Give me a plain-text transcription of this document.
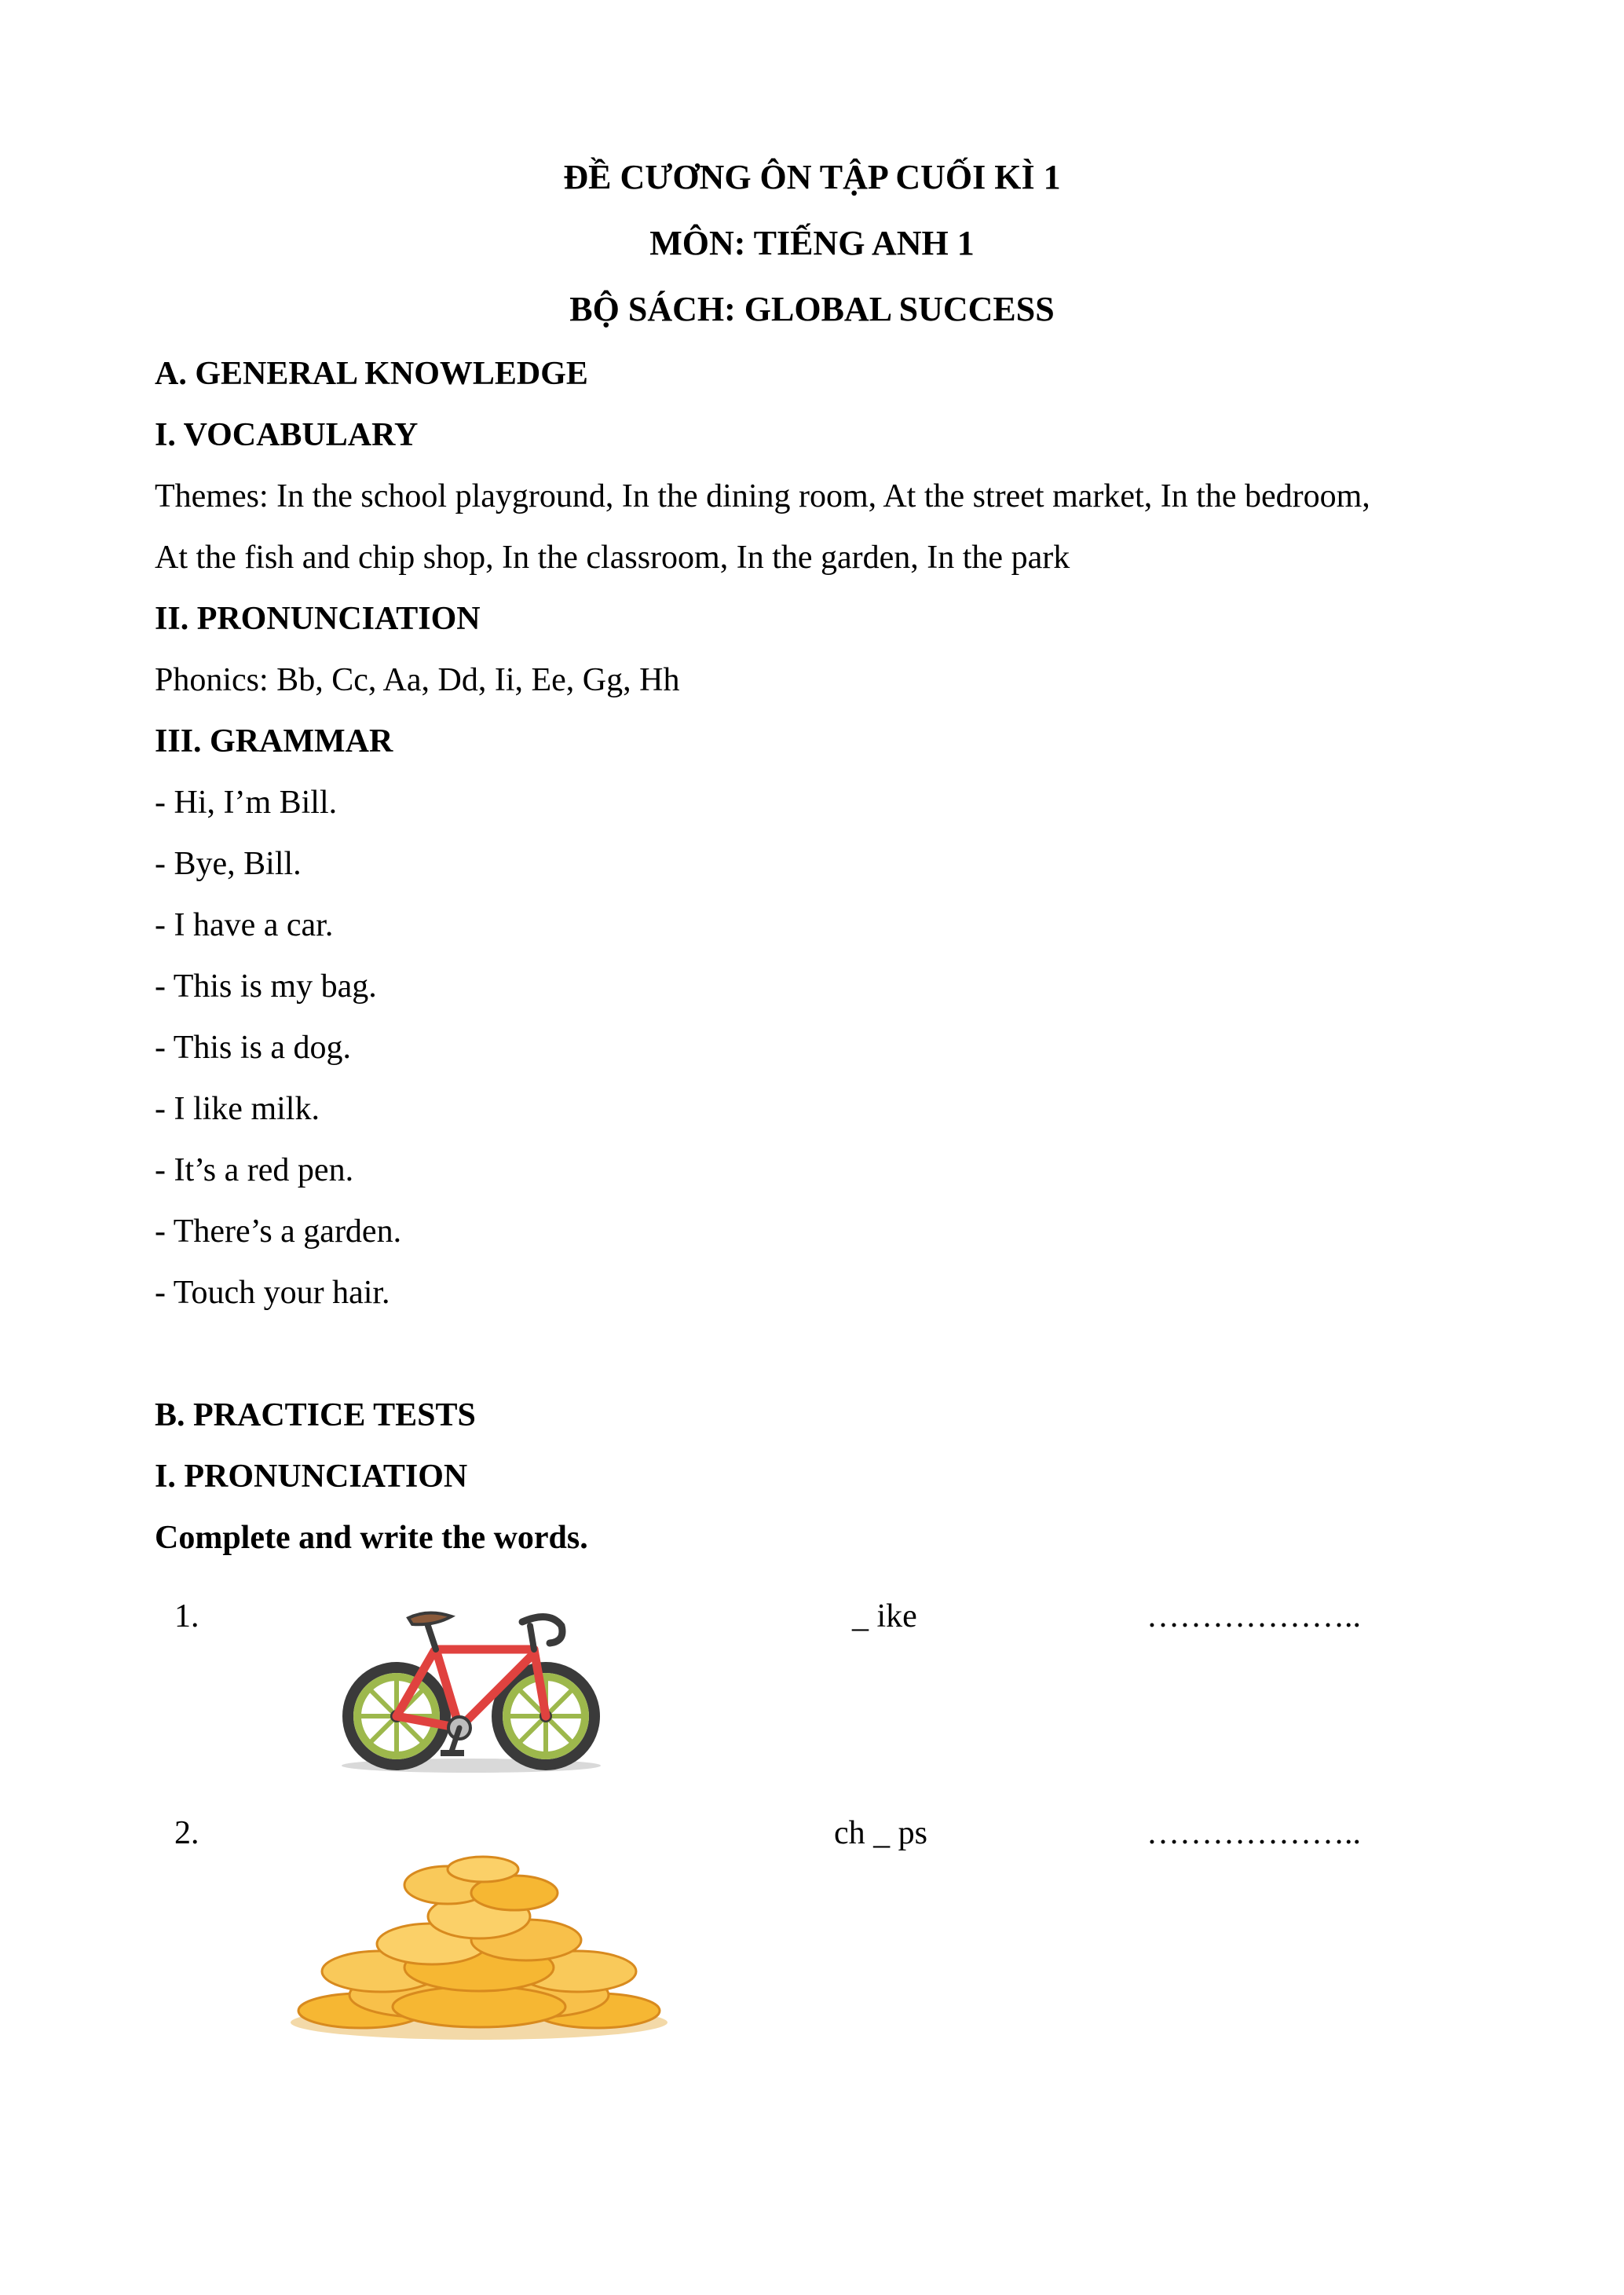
ĐỀ CƯƠNG ÔN TẬP CUỐI KÌ 1
MÔN: TIẾNG ANH 1
BỘ SÁCH: GLOBAL SUCCESS
A. GENERAL KNOWLEDGE
I. VOCABULARY
Themes: In the school playground, In the dining room, At the street market, In the bedroom,
At the fish and chip shop, In the classroom, In the garden, In the park
II. PRONUNCIATION
Phonics: Bb, Cc, Aa, Dd, Ii, Ee, Gg, Hh
III. GRAMMAR
- Hi, I’m Bill.
- Bye, Bill.
- I have a car.
- This is my bag.
- This is a dog.
- I like milk.
- It’s a red pen.
- There’s a garden.
- Touch your hair.
B. PRACTICE TESTS
I. PRONUNCIATION
Complete and write the words.
1.	_ ike	………………..
2.	ch _ ps	………………..
